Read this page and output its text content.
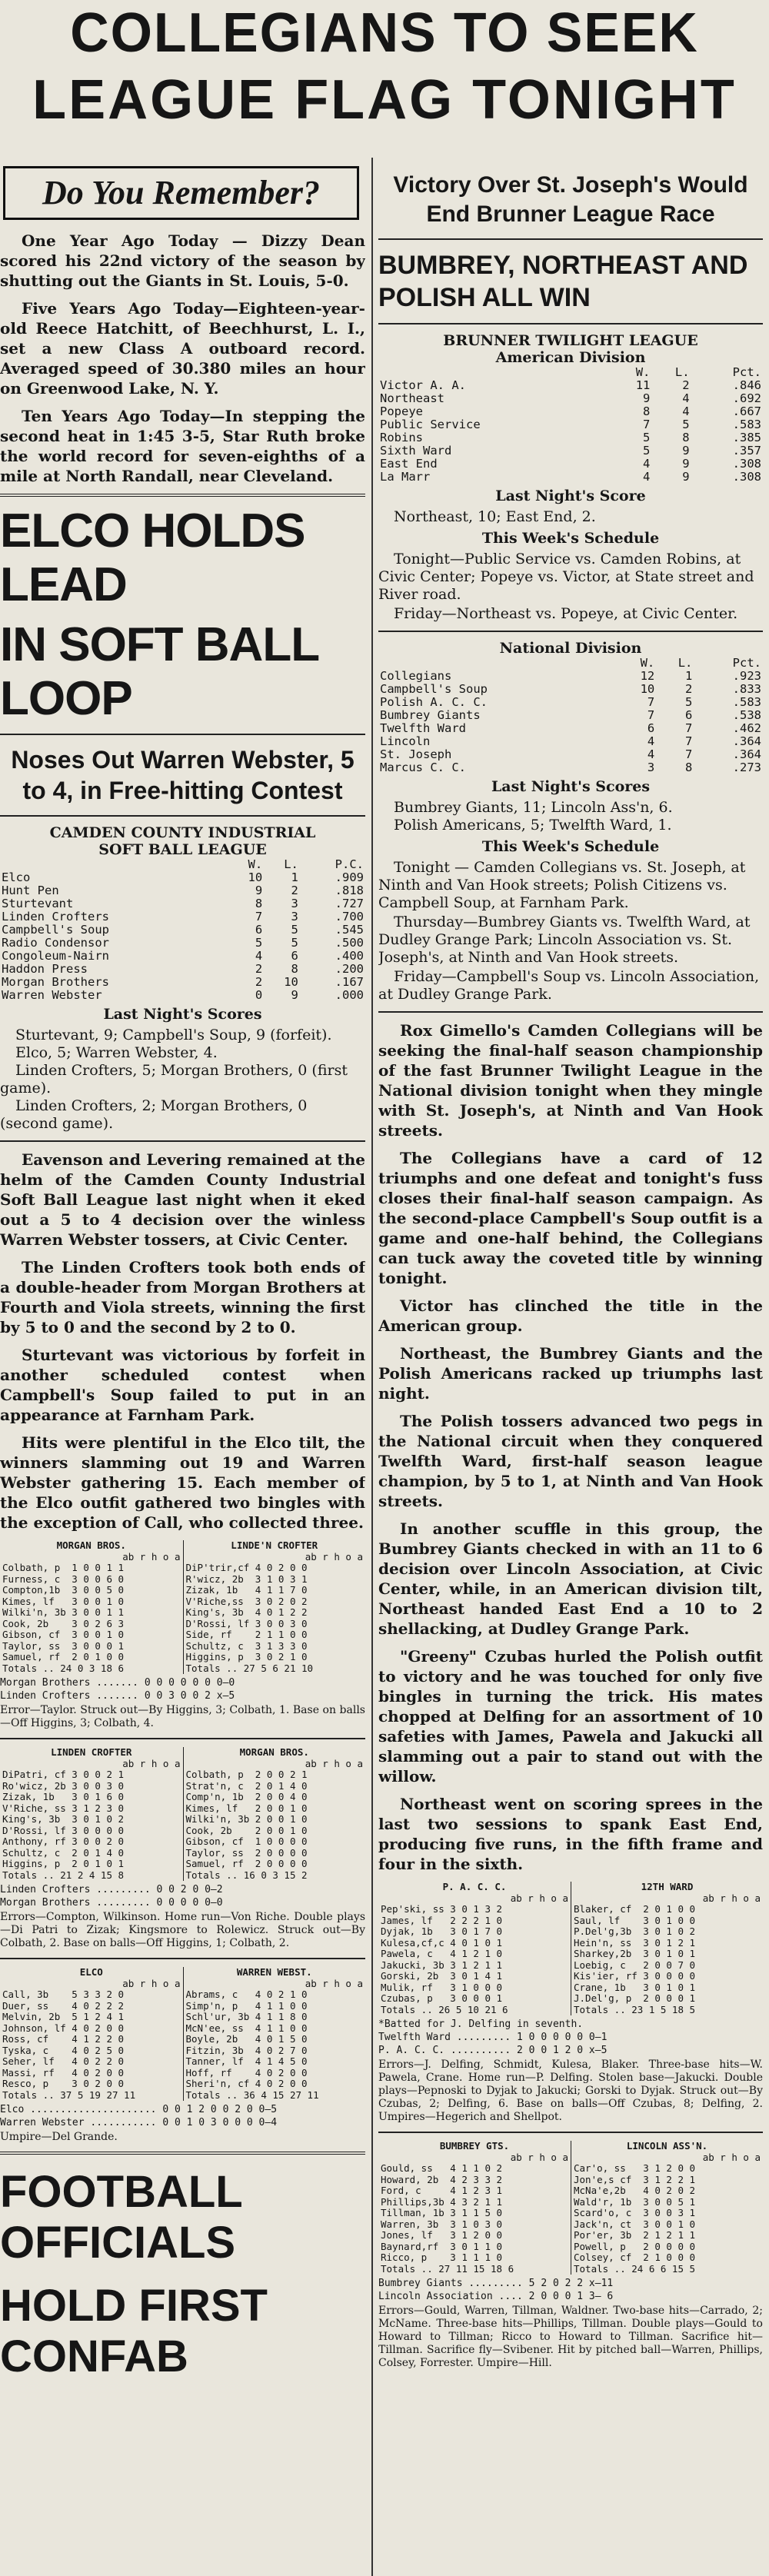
COLLEGIANS TO SEEK
LEAGUE FLAG TONIGHT
Do You Remember?

One Year Ago Today — Dizzy Dean scored his 22nd victory of the season by shutting out the Giants in St. Louis, 5-0.

Five Years Ago Today—Eighteen-year-old Reece Hatchitt, of Beechhurst, L. I., set a new Class A outboard record. Averaged speed of 30.380 miles an hour on Greenwood Lake, N. Y.

Ten Years Ago Today—In stepping the second heat in 1:45 3-5, Star Ruth broke the world record for seven-eighths of a mile at North Randall, near Cleveland.

ELCO HOLDS LEAD
IN SOFT BALL LOOP
Noses Out Warren Webster, 5 to 4, in Free-hitting Contest
CAMDEN COUNTY INDUSTRIAL
SOFT BALL LEAGUE
	W.	L.	P.C.
Elco	10	1	.909
Hunt Pen	9	2	.818
Sturtevant	8	3	.727
Linden Crofters	7	3	.700
Campbell's Soup	6	5	.545
Radio Condensor	5	5	.500
Congoleum-Nairn	4	6	.400
Haddon Press	2	8	.200
Morgan Brothers	2	10	.167
Warren Webster	0	9	.000
Last Night's Scores

Sturtevant, 9; Campbell's Soup, 9 (forfeit).

Elco, 5; Warren Webster, 4.

Linden Crofters, 5; Morgan Brothers, 0 (first game).

Linden Crofters, 2; Morgan Brothers, 0 (second game).

Eavenson and Levering remained at the helm of the Camden County Industrial Soft Ball League last night when it eked out a 5 to 4 decision over the winless Warren Webster tossers, at Civic Center.

The Linden Crofters took both ends of a double-header from Morgan Brothers at Fourth and Viola streets, winning the first by 5 to 0 and the second by 2 to 0.

Sturtevant was victorious by forfeit in another scheduled contest when Campbell's Soup failed to put in an appearance at Farnham Park.

Hits were plentiful in the Elco tilt, the winners slamming out 19 and Warren Webster gathering 15. Each member of the Elco outfit gathered two bingles with the exception of Call, who collected three.

MORGAN BROS.
ab r h o a
Colbath, p  1 0 0 1 1
Furness, c  3 0 0 6 0
Compton,1b  3 0 0 5 0
Kimes, lf   3 0 0 1 0
Wilki'n, 3b 3 0 0 1 1
Cook, 2b    3 0 2 6 3
Gibson, cf  3 0 0 1 0
Taylor, ss  3 0 0 0 1
Samuel, rf  2 0 1 0 0
Totals .. 24 0 3 18 6
LINDE'N CROFTER
ab r h o a
DiP'trir,cf 4 0 2 0 0
R'wicz, 2b  3 1 0 3 1
Zizak, 1b   4 1 1 7 0
V'Riche,ss  3 0 2 0 2
King's, 3b  4 0 1 2 2
D'Rossi, lf 3 0 0 3 0
Side, rf    2 1 1 0 0
Schultz, c  3 1 3 3 0
Higgins, p  3 0 2 1 0
Totals .. 27 5 6 21 10
Morgan Brothers ....... 0 0 0 0 0 0 0—0
Linden Crofters ....... 0 0 3 0 0 2 x—5

Error—Taylor. Struck out—By Higgins, 3; Colbath, 1. Base on balls—Off Higgins, 3; Colbath, 4.

LINDEN CROFTER
ab r h o a
DiPatri, cf 3 0 0 2 1
Ro'wicz, 2b 3 0 0 3 0
Zizak, 1b   3 0 1 6 0
V'Riche, ss 3 1 2 3 0
King's, 3b  3 0 1 0 2
D'Rossi, lf 3 0 0 0 0
Anthony, rf 3 0 0 2 0
Schultz, c  2 0 1 4 0
Higgins, p  2 0 1 0 1
Totals .. 21 2 4 15 8
MORGAN BROS.
ab r h o a
Colbath, p  2 0 0 2 1
Strat'n, c  2 0 1 4 0
Comp'n, 1b  2 0 0 4 0
Kimes, lf   2 0 0 1 0
Wilki'n, 3b 2 0 0 1 0
Cook, 2b    2 0 0 1 0
Gibson, cf  1 0 0 0 0
Taylor, ss  2 0 0 0 0
Samuel, rf  2 0 0 0 0
Totals .. 16 0 3 15 2
Linden Crofters ......... 0 0 2 0 0—2
Morgan Brothers ......... 0 0 0 0 0—0

Errors—Compton, Wilkinson. Home run—Von Riche. Double plays—Di Patri to Zizak; Kingsmore to Rolewicz. Struck out—By Colbath, 2. Base on balls—Off Higgins, 1; Colbath, 2.

ELCO
ab r h o a
Call, 3b    5 3 3 2 0
Duer, ss    4 0 2 2 2
Melvin, 2b  5 1 2 4 1
Johnson, lf 4 0 2 0 0
Ross, cf    4 1 2 2 0
Tyska, c    4 0 2 5 0
Seher, lf   4 0 2 2 0
Massi, rf   4 0 2 0 0
Resco, p    3 0 2 0 0
Totals .. 37 5 19 27 11
WARREN WEBST.
ab r h o a
Abrams, c   4 0 2 1 0
Simp'n, p   4 1 1 0 0
Schl'ur, 3b 4 1 1 8 0
McN'ee, ss  4 1 1 0 0
Boyle, 2b   4 0 1 5 0
Fitzin, 3b  4 0 2 7 0
Tanner, lf  4 1 4 5 0
Hoff, rf    4 0 2 0 0
Sheri'n, cf 4 0 2 0 0
Totals .. 36 4 15 27 11
Elco ..................... 0 0 1 2 0 0 2 0 0—5
Warren Webster ........... 0 0 1 0 3 0 0 0 0—4

Umpire—Del Grande.

FOOTBALL OFFICIALS
HOLD FIRST CONFAB
Victory Over St. Joseph's Would End Brunner League Race
BUMBREY, NORTHEAST AND POLISH ALL WIN
BRUNNER TWILIGHT LEAGUE
American Division
	W.	L.	Pct.
Victor A. A.	11	2	.846
Northeast	9	4	.692
Popeye	8	4	.667
Public Service	7	5	.583
Robins	5	8	.385
Sixth Ward	5	9	.357
East End	4	9	.308
La Marr	4	9	.308
Last Night's Score

Northeast, 10; East End, 2.

This Week's Schedule

Tonight—Public Service vs. Camden Robins, at Civic Center; Popeye vs. Victor, at State street and River road.

Friday—Northeast vs. Popeye, at Civic Center.

National Division
	W.	L.	Pct.
Collegians	12	1	.923
Campbell's Soup	10	2	.833
Polish A. C. C.	7	5	.583
Bumbrey Giants	7	6	.538
Twelfth Ward	6	7	.462
Lincoln	4	7	.364
St. Joseph	4	7	.364
Marcus C. C.	3	8	.273
Last Night's Scores

Bumbrey Giants, 11; Lincoln Ass'n, 6.

Polish Americans, 5; Twelfth Ward, 1.

This Week's Schedule

Tonight — Camden Collegians vs. St. Joseph, at Ninth and Van Hook streets; Polish Citizens vs. Campbell Soup, at Farnham Park.

Thursday—Bumbrey Giants vs. Twelfth Ward, at Dudley Grange Park; Lincoln Association vs. St. Joseph's, at Ninth and Van Hook streets.

Friday—Campbell's Soup vs. Lincoln Association, at Dudley Grange Park.

Rox Gimello's Camden Collegians will be seeking the final-half season championship of the fast Brunner Twilight League in the National division tonight when they mingle with St. Joseph's, at Ninth and Van Hook streets.

The Collegians have a card of 12 triumphs and one defeat and tonight's fuss closes their final-half season campaign. As the second-place Campbell's Soup outfit is a game and one-half behind, the Collegians can tuck away the coveted title by winning tonight.

Victor has clinched the title in the American group.

Northeast, the Bumbrey Giants and the Polish Americans racked up triumphs last night.

The Polish tossers advanced two pegs in the National circuit when they conquered Twelfth Ward, first-half season league champion, by 5 to 1, at Ninth and Van Hook streets.

In another scuffle in this group, the Bumbrey Giants checked in with an 11 to 6 decision over Lincoln Association, at Civic Center, while, in an American division tilt, Northeast handed East End a 10 to 2 shellacking, at Dudley Grange Park.

"Greeny" Czubas hurled the Polish outfit to victory and he was touched for only five bingles in turning the trick. His mates chopped at Delfing for an assortment of 10 safeties with James, Pawela and Jakucki all slamming out a pair to stand out with the willow.

Northeast went on scoring sprees in the last two sessions to spank East End, producing five runs, in the fifth frame and four in the sixth.

P. A. C. C.
ab r h o a
Pep'ski, ss 3 0 1 3 2
James, lf   2 2 2 1 0
Dyjak, 1b   3 0 1 7 0
Kulesa,cf,c 4 0 1 0 1
Pawela, c   4 1 2 1 0
Jakucki, 3b 3 1 2 1 1
Gorski, 2b  3 0 1 4 1
Mulik, rf   3 1 0 0 0
Czubas, p   3 0 0 0 1
Totals .. 26 5 10 21 6
12TH WARD
ab r h o a
Blaker, cf  2 0 1 0 0
Saul, lf    3 0 1 0 0
P.Del'g,3b  3 0 1 0 2
Hein'n, ss  3 0 1 2 1
Sharkey,2b  3 0 1 0 1
Loebig, c   2 0 0 7 0
Kis'ier, rf 3 0 0 0 0
Crane, 1b   3 0 1 0 1
J.Del'g, p  2 0 0 0 1
Totals .. 23 1 5 18 5
*Batted for J. Delfing in seventh.
Twelfth Ward ......... 1 0 0 0 0 0 0—1
P. A. C. C. .......... 2 0 0 1 2 0 x—5

Errors—J. Delfing, Schmidt, Kulesa, Blaker. Three-base hits—W. Pawela, Crane. Home run—P. Delfing. Stolen base—Jakucki. Double plays—Pepnoski to Dyjak to Jakucki; Gorski to Dyjak. Struck out—By Czubas, 2; Delfing, 6. Base on balls—Off Czubas, 8; Delfing, 2. Umpires—Hegerich and Shellpot.

BUMBREY GTS.
ab r h o a
Gould, ss   4 1 1 0 2
Howard, 2b  4 2 3 3 2
Ford, c     4 1 2 3 1
Phillips,3b 4 3 2 1 1
Tillman, 1b 3 1 1 5 0
Warren, 3b  3 1 0 3 0
Jones, lf   3 1 2 0 0
Baynard,rf  3 0 1 1 0
Ricco, p    3 1 1 1 0
Totals .. 27 11 15 18 6
LINCOLN ASS'N.
ab r h o a
Car'o, ss   3 1 2 0 0
Jon'e,s cf  3 1 2 2 1
McNa'e,2b   4 0 2 0 2
Wald'r, 1b  3 0 0 5 1
Scard'o, c  3 0 0 3 1
Jack'n, ct  3 0 0 1 0
Por'er, 3b  2 1 2 1 1
Powell, p   2 0 0 0 0
Colsey, cf  2 1 0 0 0
Totals .. 24 6 6 15 5
Bumbrey Giants ......... 5 2 0 2 2 x—11
Lincoln Association .... 2 0 0 0 1 3— 6

Errors—Gould, Warren, Tillman, Waldner. Two-base hits—Carrado, 2; McName. Three-base hits—Phillips, Tillman. Double plays—Gould to Howard to Tillman; Ricco to Howard to Tillman. Sacrifice hit—Tillman. Sacrifice fly—Svibener. Hit by pitched ball—Warren, Phillips, Colsey, Forrester. Umpire—Hill.
